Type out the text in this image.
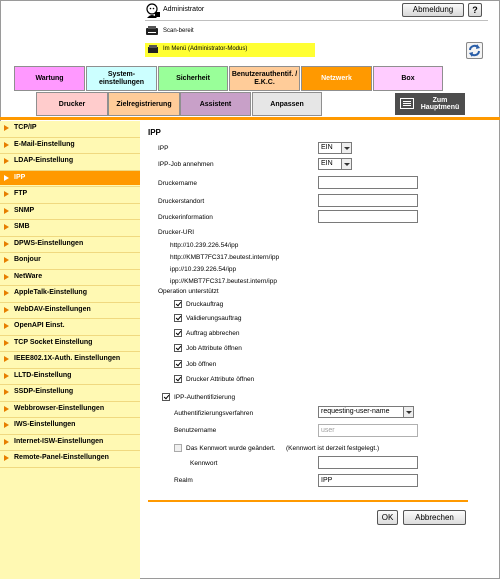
Administrator	Abmeldung	?
Scan-bereit
Im Menü (Administrator-Modus)
Wartung
System-
einstellungen
Sicherheit
Benutzerauthentif. / E.K.C.
Netzwerk	Box
Drucker	Zielregistrierung	Assistent	Anpassen	Zum
Hauptmenü
TCP/IP
E-Mail-Einstellung
LDAP-Einstellung
IPP
FTP
SNMP
SMB
DPWS-Einstellungen
Bonjour
NetWare
AppleTalk-Einstellung
WebDAV-Einstellungen
OpenAPI Einst.
TCP Socket Einstellung
IEEE802.1X-Auth. Einstellungen
LLTD-Einstellung
SSDP-Einstellung
Webbrowser-Einstellungen
IWS-Einstellungen
Internet-ISW-Einstellungen
Remote-Panel-Einstellungen
IPP
IPP	EIN
IPP-Job annehmen	EIN
Druckername
Druckerstandort
Druckerinformation
Drucker-URI
http://10.239.226.54/ipp
http://KMBT7FC317.beutest.intern/ipp
ipp://10.239.226.54/ipp
ipp://KMBT7FC317.beutest.intern/ipp
Operation unterstützt
Druckauftrag
Validierungsauftrag
Auftrag abbrechen
Job Attribute öffnen
Job öffnen
Drucker Attribute öffnen
IPP-Authentifizierung
Authentifizierungsverfahren	requesting-user-name
Benutzername	user
Das Kennwort wurde geändert. (Kennwort ist derzeit festgelegt.)
Kennwort
Realm	IPP
OK	Abbrechen
